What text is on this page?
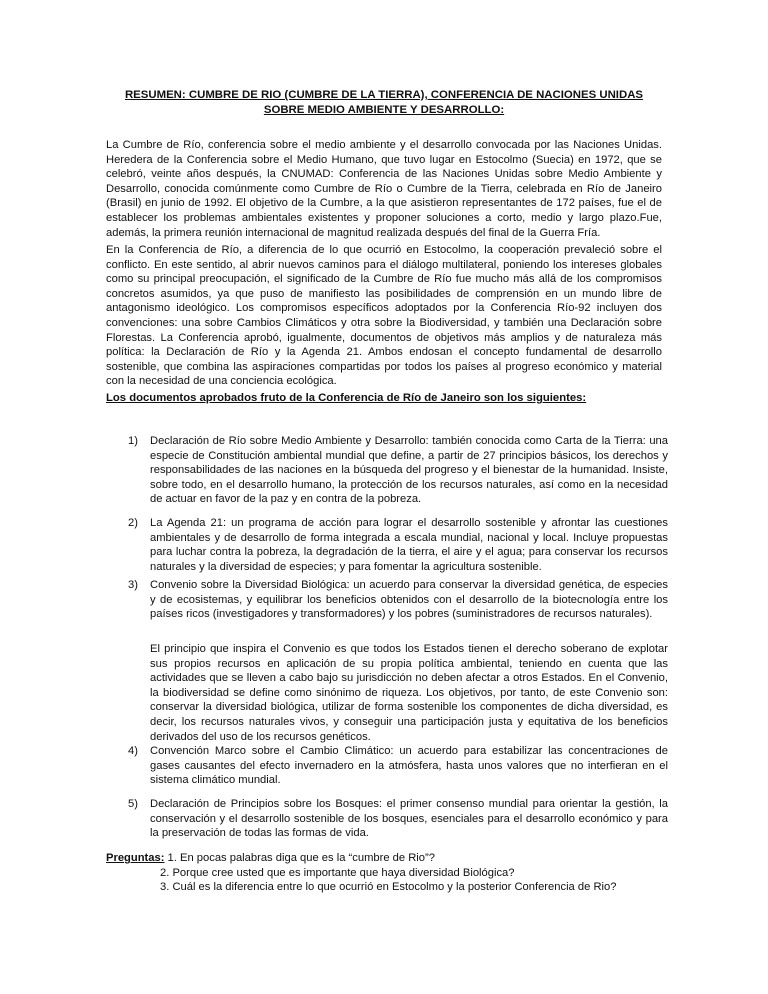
RESUMEN: CUMBRE DE RIO (CUMBRE DE LA TIERRA), CONFERENCIA DE NACIONES UNIDAS
SOBRE MEDIO AMBIENTE Y DESARROLLO:
La Cumbre de Río, conferencia sobre el medio ambiente y el desarrollo convocada por las Naciones Unidas. Heredera de la Conferencia sobre el Medio Humano, que tuvo lugar en Estocolmo (Suecia) en 1972, que se celebró, veinte años después, la CNUMAD: Conferencia de las Naciones Unidas sobre Medio Ambiente y Desarrollo, conocida comúnmente como Cumbre de Río o Cumbre de la Tierra, celebrada en Río de Janeiro (Brasil) en junio de 1992. El objetivo de la Cumbre, a la que asistieron representantes de 172 países, fue el de establecer los problemas ambientales existentes y proponer soluciones a corto, medio y largo plazo.Fue, además, la primera reunión internacional de magnitud realizada después del final de la Guerra Fría.
En la Conferencia de Río, a diferencia de lo que ocurrió en Estocolmo, la cooperación prevaleció sobre el conflicto. En este sentido, al abrir nuevos caminos para el diálogo multilateral, poniendo los intereses globales como su principal preocupación, el significado de la Cumbre de Río fue mucho más allá de los compromisos concretos asumidos, ya que puso de manifiesto las posibilidades de comprensión en un mundo libre de antagonismo ideológico. Los compromisos específicos adoptados por la Conferencia Río-92 incluyen dos convenciones: una sobre Cambios Climáticos y otra sobre la Biodiversidad, y también una Declaración sobre Florestas. La Conferencia aprobó, igualmente, documentos de objetivos más amplios y de naturaleza más política: la Declaración de Río y la Agenda 21. Ambos endosan el concepto fundamental de desarrollo sostenible, que combina las aspiraciones compartidas por todos los países al progreso económico y material con la necesidad de una conciencia ecológica.
Los documentos aprobados fruto de la Conferencia de Río de Janeiro son los siguientes:
1) Declaración de Río sobre Medio Ambiente y Desarrollo: también conocida como Carta de la Tierra: una especie de Constitución ambiental mundial que define, a partir de 27 principios básicos, los derechos y responsabilidades de las naciones en la búsqueda del progreso y el bienestar de la humanidad. Insiste, sobre todo, en el desarrollo humano, la protección de los recursos naturales, así como en la necesidad de actuar en favor de la paz y en contra de la pobreza.
2) La Agenda 21: un programa de acción para lograr el desarrollo sostenible y afrontar las cuestiones ambientales y de desarrollo de forma integrada a escala mundial, nacional y local. Incluye propuestas para luchar contra la pobreza, la degradación de la tierra, el aire y el agua; para conservar los recursos naturales y la diversidad de especies; y para fomentar la agricultura sostenible.
3) Convenio sobre la Diversidad Biológica: un acuerdo para conservar la diversidad genética, de especies y de ecosistemas, y equilibrar los beneficios obtenidos con el desarrollo de la biotecnología entre los países ricos (investigadores y transformadores) y los pobres (suministradores de recursos naturales).
El principio que inspira el Convenio es que todos los Estados tienen el derecho soberano de explotar sus propios recursos en aplicación de su propia política ambiental, teniendo en cuenta que las actividades que se lleven a cabo bajo su jurisdicción no deben afectar a otros Estados. En el Convenio, la biodiversidad se define como sinónimo de riqueza. Los objetivos, por tanto, de este Convenio son: conservar la diversidad biológica, utilizar de forma sostenible los componentes de dicha diversidad, es decir, los recursos naturales vivos, y conseguir una participación justa y equitativa de los beneficios derivados del uso de los recursos genéticos.
4) Convención Marco sobre el Cambio Climático: un acuerdo para estabilizar las concentraciones de gases causantes del efecto invernadero en la atmósfera, hasta unos valores que no interfieran en el sistema climático mundial.
5) Declaración de Principios sobre los Bosques: el primer consenso mundial para orientar la gestión, la conservación y el desarrollo sostenible de los bosques, esenciales para el desarrollo económico y para la preservación de todas las formas de vida.
Preguntas: 1. En pocas palabras diga que es la “cumbre de Rio”?
2. Porque cree usted que es importante que haya diversidad Biológica?
3. Cuál es la diferencia entre lo que ocurrió en Estocolmo y la posterior Conferencia de Rio?
